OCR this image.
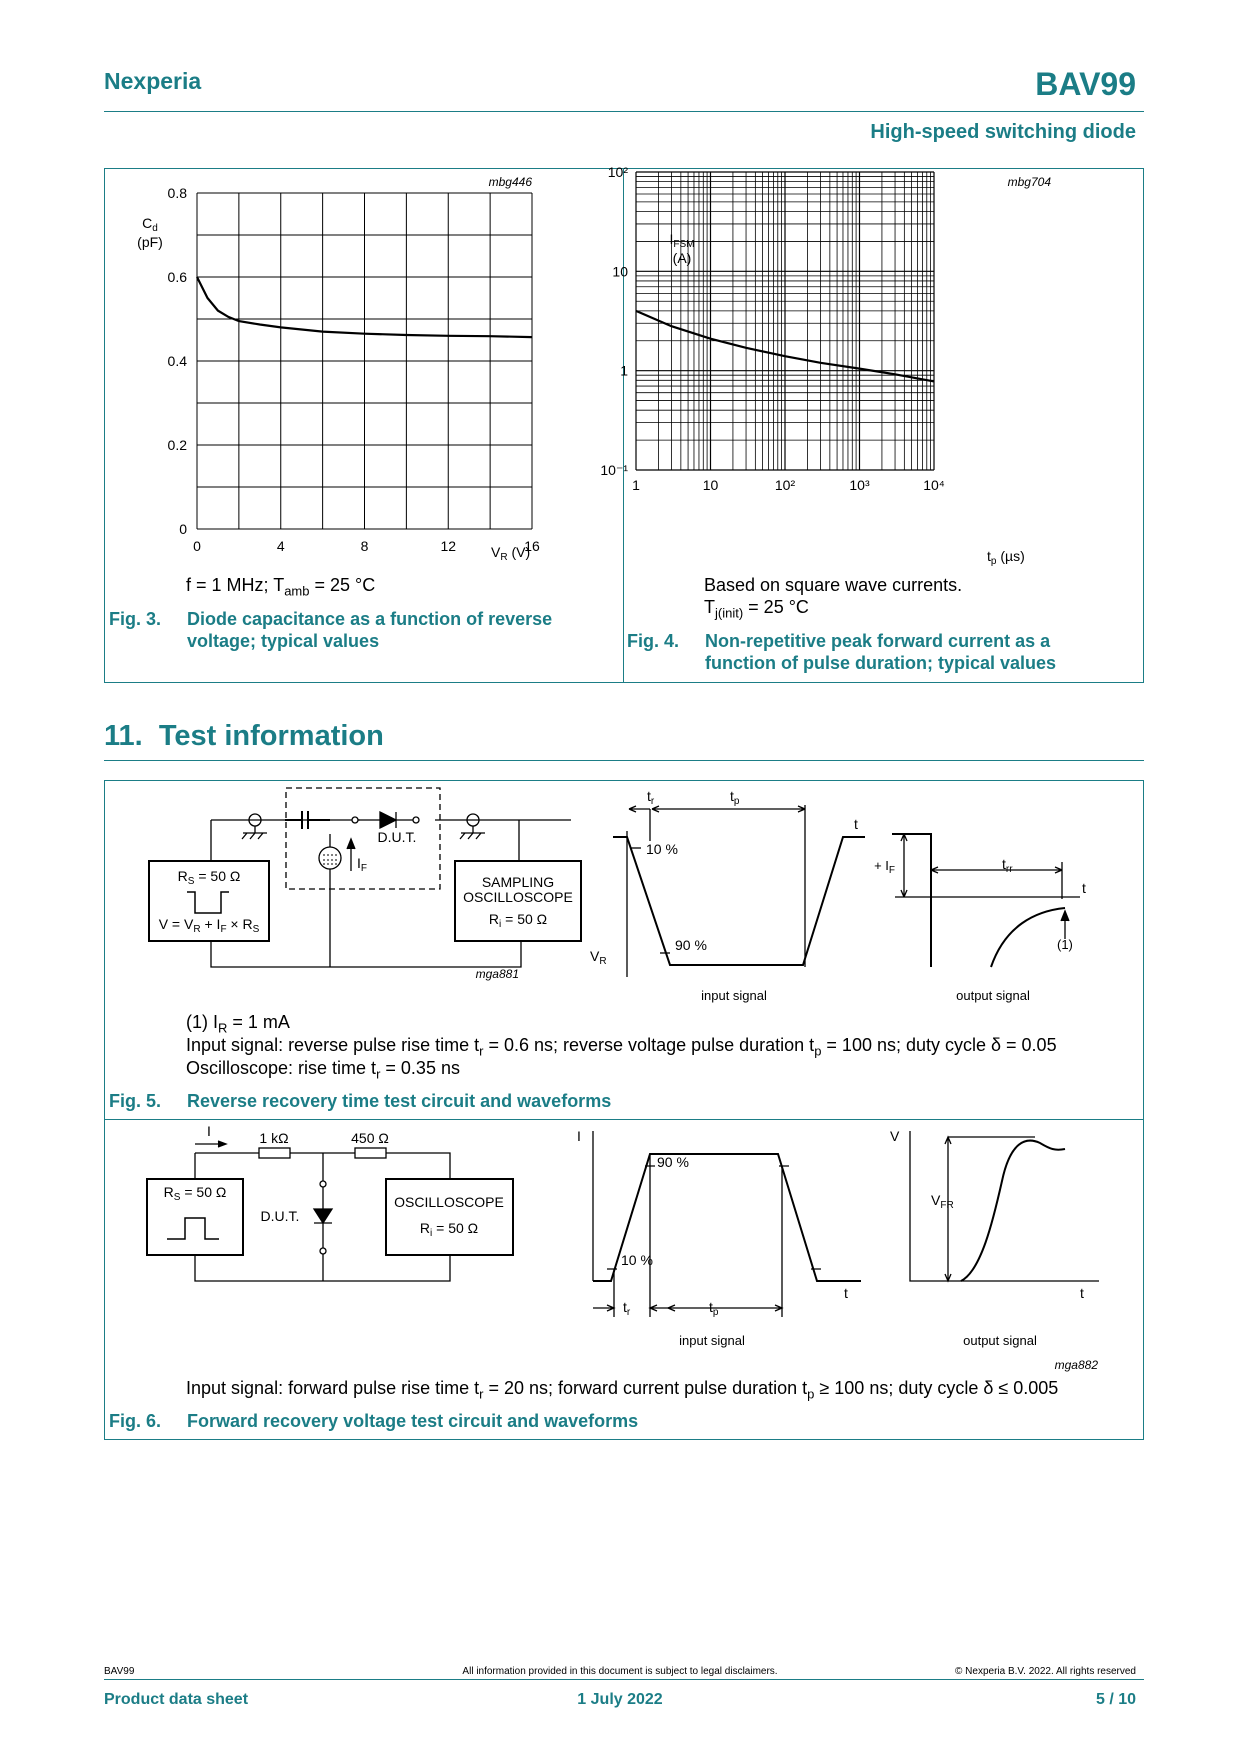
Nexperia	BAV99
High-speed switching diode
mbg446
$C_d$
(pF)
0
0.2
0.4
0.6
0.8
0	4	8	12	16
$V_R$ (V)
f = 1 MHz; $T_{amb} = 25$ °C
Fig. 3. Diode capacitance as a function of reverse voltage; typical values
mbg704
$I_{FSM}$
(A)
10⁻¹
1
10
10²
1	10	10²	10³	10⁴
$t_p$ (µs)
Based on square wave currents.
$T_{j(init)} = 25$ °C
Fig. 4. Non-repetitive peak forward current as a function of pulse duration; typical values
11. Test information
$R_S = 50$ Ω
$V = V_R + I_F \times R_S$
D.U.T.
$I_F$
SAMPLING
OSCILLOSCOPE
$R_i = 50$ Ω
mga881
$t_r$	$t_p$
t
10 %
90 %
$V_R$
input signal
+ $I_F$	$t_{rr}$
t
(1)
output signal
(1) $I_R = 1$ mA
Input signal: reverse pulse rise time $t_r = 0.6$ ns; reverse voltage pulse duration $t_p = 100$ ns; duty cycle δ = 0.05
Oscilloscope: rise time $t_r = 0.35$ ns
Fig. 5. Reverse recovery time test circuit and waveforms
I	1 kΩ	450 Ω
D.U.T.
$R_S = 50$ Ω
OSCILLOSCOPE
$R_i = 50$ Ω
I
90 %
10 %
$t_r$	$t_p$
t
input signal
V
$V_{FR}$
t
output signal
mga882
Input signal: forward pulse rise time $t_r = 20$ ns; forward current pulse duration $t_p \ge 100$ ns; duty cycle δ ≤ 0.005
Fig. 6. Forward recovery voltage test circuit and waveforms
BAV99	All information provided in this document is subject to legal disclaimers.	© Nexperia B.V. 2022. All rights reserved
Product data sheet	1 July 2022	5 / 10
